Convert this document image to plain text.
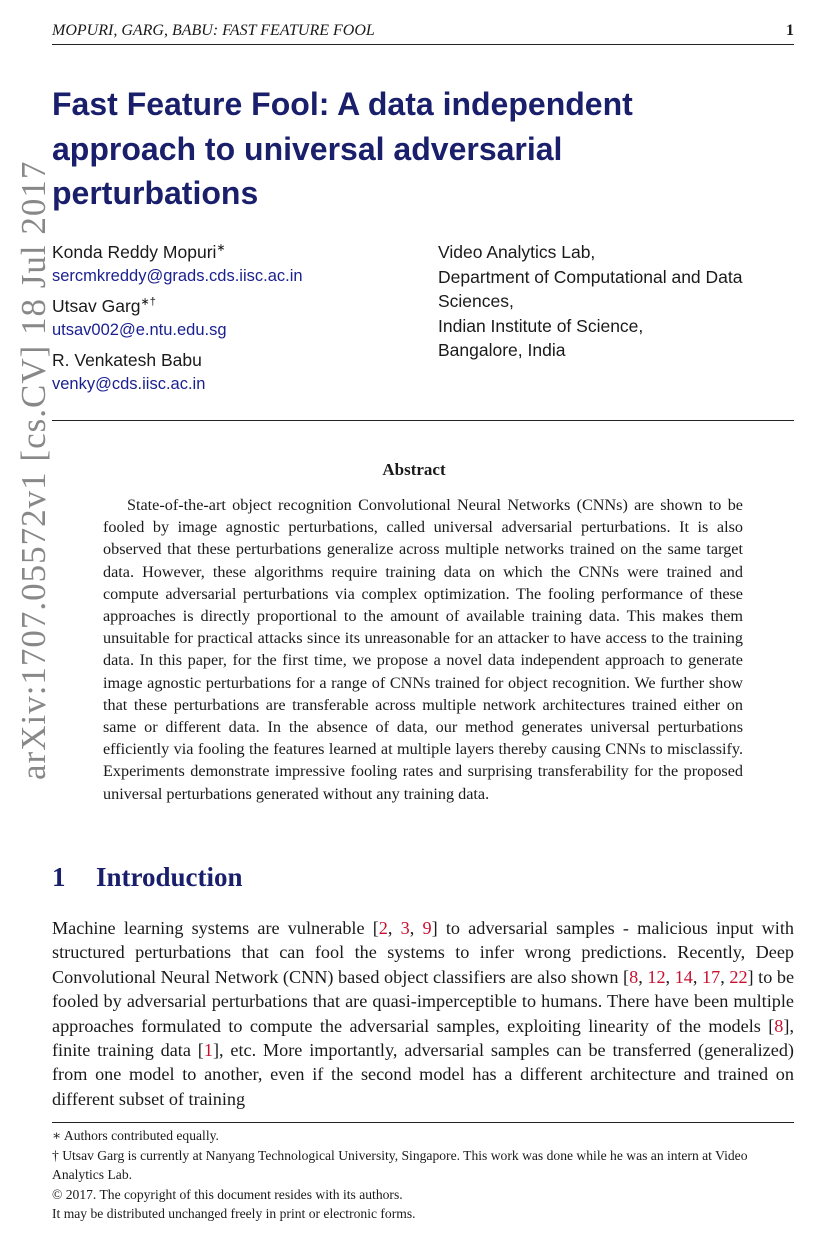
MOPURI, GARG, BABU: FAST FEATURE FOOL	1
arXiv:1707.05572v1 [cs.CV] 18 Jul 2017
Fast Feature Fool: A data independent approach to universal adversarial perturbations
Konda Reddy Mopuri∗
sercmkreddy@grads.cds.iisc.ac.in
Utsav Garg∗†
utsav002@e.ntu.edu.sg
R. Venkatesh Babu
venky@cds.iisc.ac.in
Video Analytics Lab,
Department of Computational and Data Sciences,
Indian Institute of Science,
Bangalore, India
Abstract
State-of-the-art object recognition Convolutional Neural Networks (CNNs) are shown to be fooled by image agnostic perturbations, called universal adversarial perturbations. It is also observed that these perturbations generalize across multiple networks trained on the same target data. However, these algorithms require training data on which the CNNs were trained and compute adversarial perturbations via complex optimization. The fooling performance of these approaches is directly proportional to the amount of available training data. This makes them unsuitable for practical attacks since its unreasonable for an attacker to have access to the training data. In this paper, for the first time, we propose a novel data independent approach to generate image agnostic perturbations for a range of CNNs trained for object recognition. We further show that these perturbations are transferable across multiple network architectures trained either on same or different data. In the absence of data, our method generates universal perturbations efficiently via fooling the features learned at multiple layers thereby causing CNNs to misclassify. Experiments demonstrate impressive fooling rates and surprising transferability for the proposed universal perturbations generated without any training data.
1 Introduction
Machine learning systems are vulnerable [2, 3, 9] to adversarial samples - malicious input with structured perturbations that can fool the systems to infer wrong predictions. Recently, Deep Convolutional Neural Network (CNN) based object classifiers are also shown [8, 12, 14, 17, 22] to be fooled by adversarial perturbations that are quasi-imperceptible to humans. There have been multiple approaches formulated to compute the adversarial samples, exploiting linearity of the models [8], finite training data [1], etc. More importantly, adversarial samples can be transferred (generalized) from one model to another, even if the second model has a different architecture and trained on different subset of training

∗ Authors contributed equally.

† Utsav Garg is currently at Nanyang Technological University, Singapore. This work was done while he was an intern at Video Analytics Lab.

© 2017. The copyright of this document resides with its authors.

It may be distributed unchanged freely in print or electronic forms.
